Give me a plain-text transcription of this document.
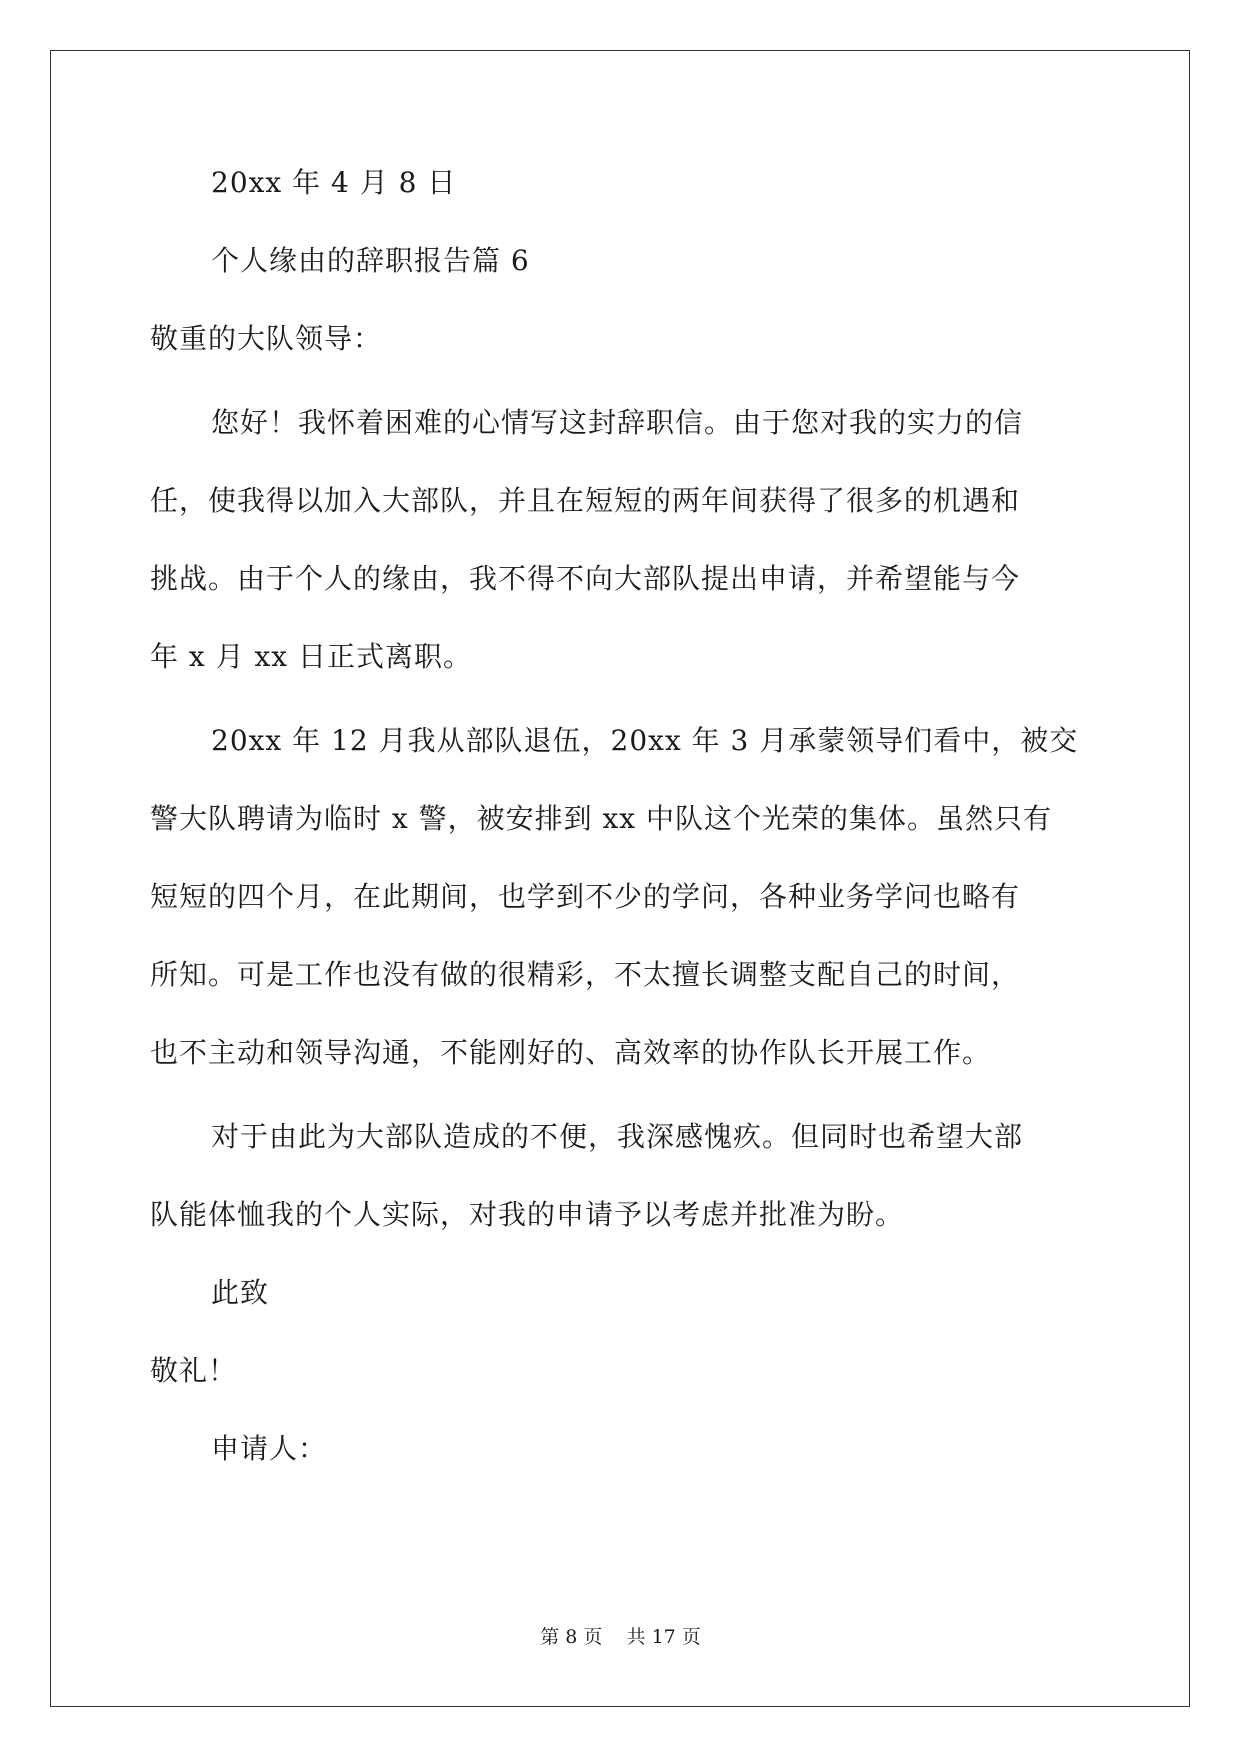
20xx 年 4 月 8 日
个人缘由的辞职报告篇 6
敬重的大队领导：
您好！我怀着困难的心情写这封辞职信。由于您对我的实力的信
任，使我得以加入大部队，并且在短短的两年间获得了很多的机遇和
挑战。由于个人的缘由，我不得不向大部队提出申请，并希望能与今
年 x 月 xx 日正式离职。
20xx 年 12 月我从部队退伍，20xx 年 3 月承蒙领导们看中，被交
警大队聘请为临时 x 警，被安排到 xx 中队这个光荣的集体。虽然只有
短短的四个月，在此期间，也学到不少的学问，各种业务学问也略有
所知。可是工作也没有做的很精彩，不太擅长调整支配自己的时间，
也不主动和领导沟通，不能刚好的、高效率的协作队长开展工作。
对于由此为大部队造成的不便，我深感愧疚。但同时也希望大部
队能体恤我的个人实际，对我的申请予以考虑并批准为盼。
此致
敬礼！
申请人：
第 8 页    共 17 页
